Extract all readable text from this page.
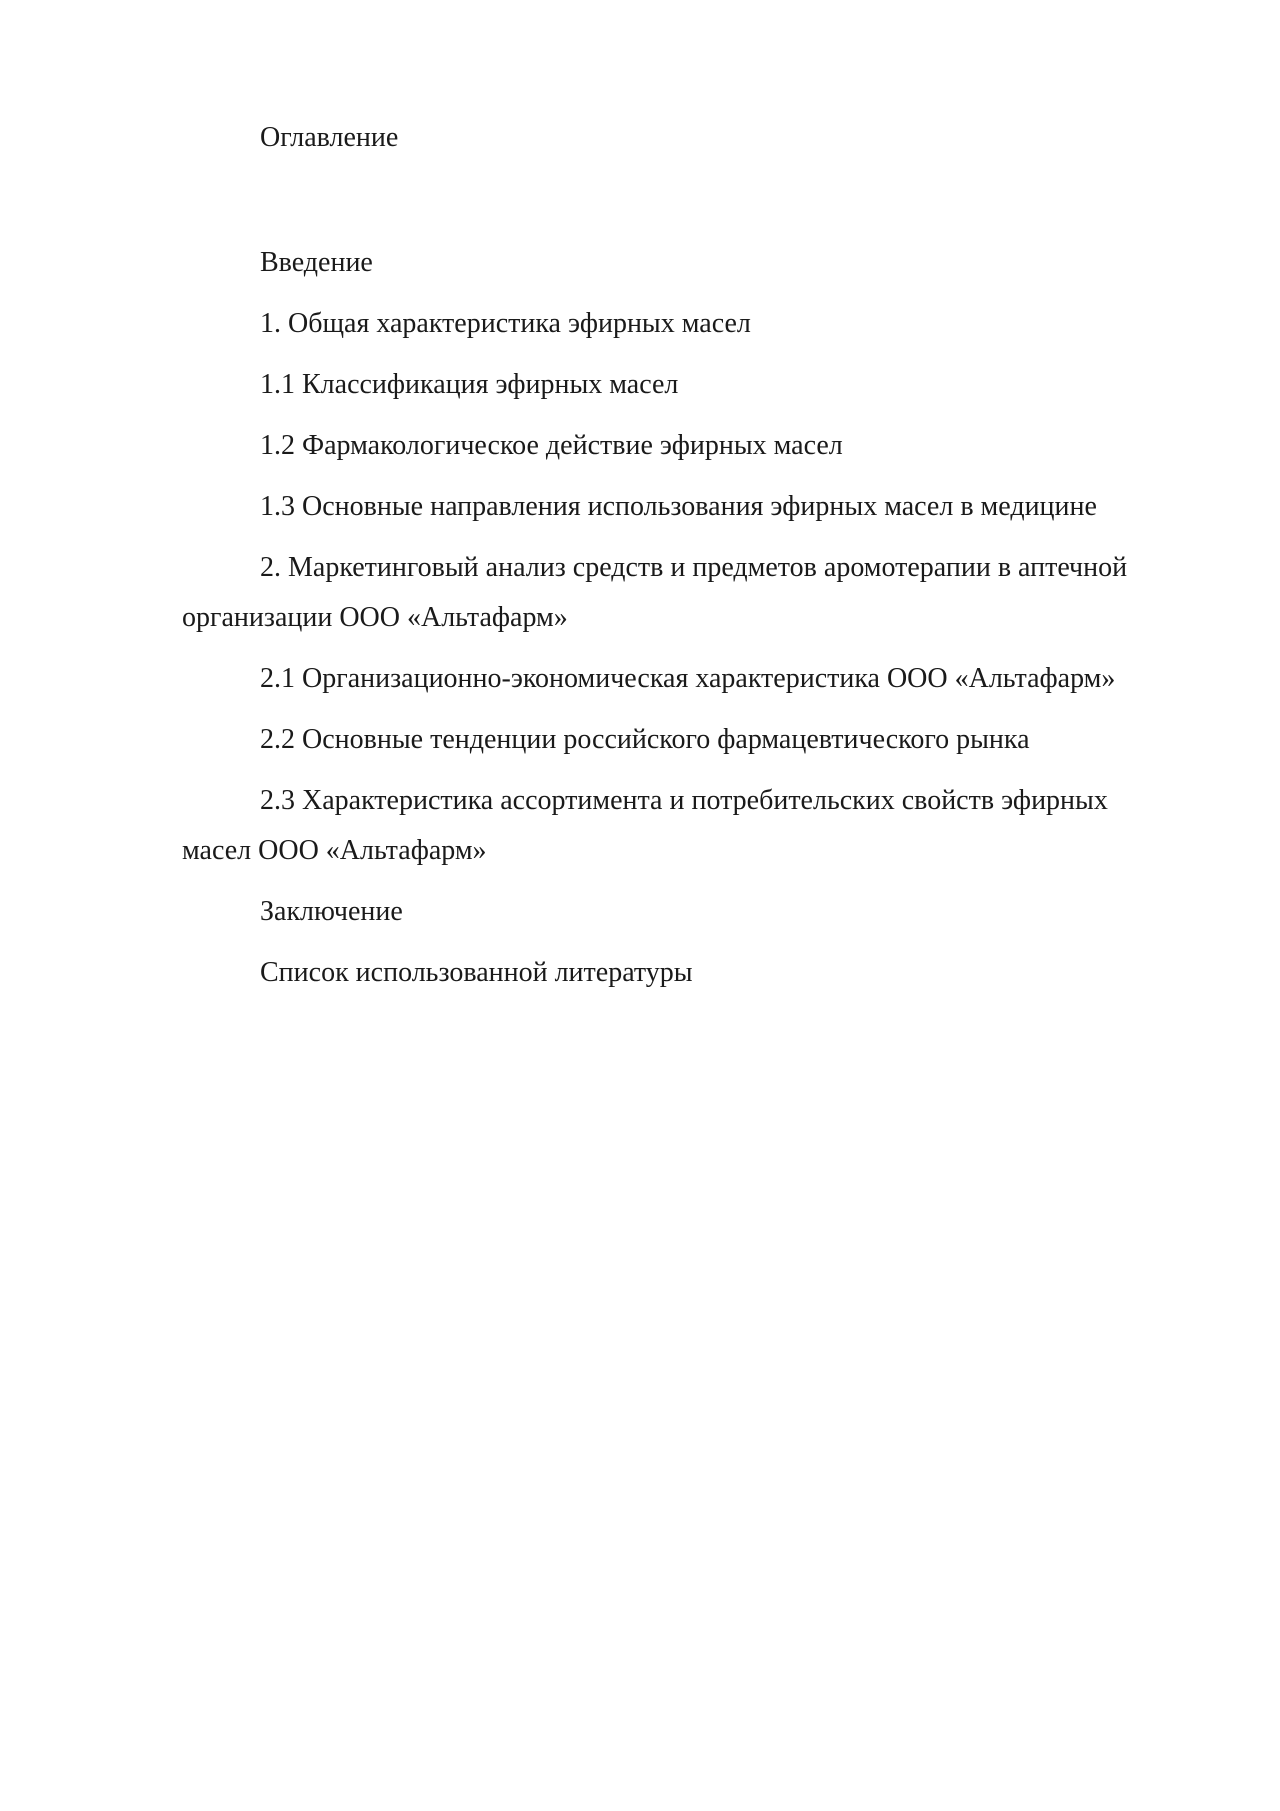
Оглавление
Введение
1. Общая характеристика эфирных масел
1.1 Классификация эфирных масел
1.2 Фармакологическое действие эфирных масел
1.3 Основные направления использования эфирных масел в медицине
2. Маркетинговый анализ средств и предметов аромотерапии в аптечной организации ООО «Альтафарм»
2.1 Организационно-экономическая характеристика ООО «Альтафарм»
2.2 Основные тенденции российского фармацевтического рынка
2.3 Характеристика ассортимента и потребительских свойств эфирных масел ООО «Альтафарм»
Заключение
Список использованной литературы
